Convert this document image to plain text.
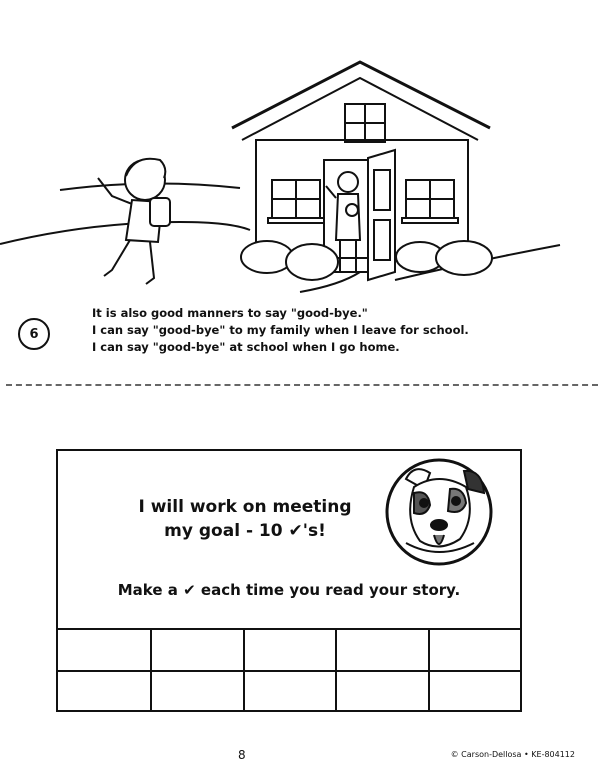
6
It is also good manners to say "good-bye."
I can say "good-bye" to my family when I leave for school.
I can say "good-bye" at school when I go home.
I will work on meeting
my goal - 10 ✔'s!
Make a ✔ each time you read your story.
8	© Carson-Dellosa • KE-804112
